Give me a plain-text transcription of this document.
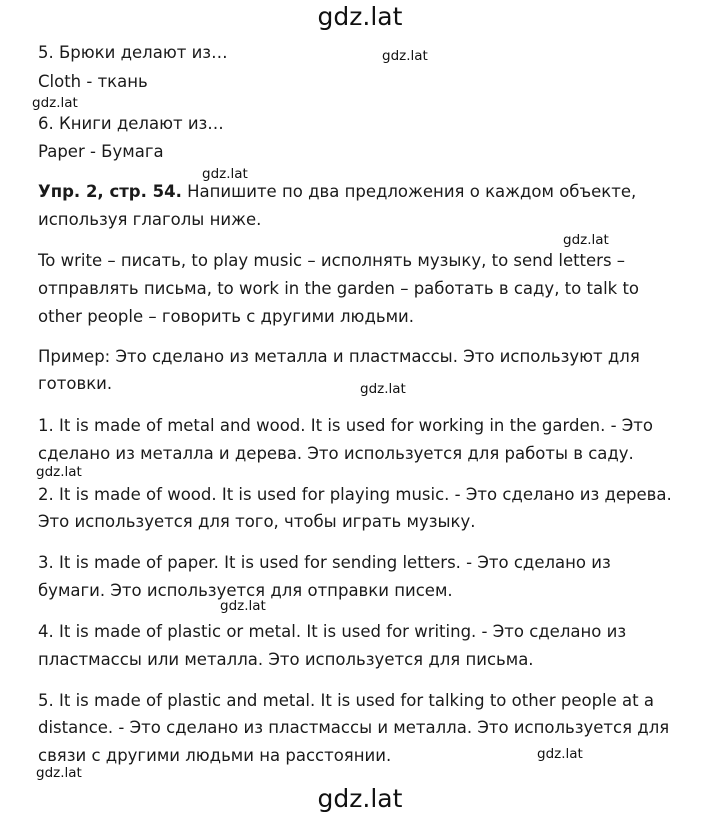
gdz.lat
5. Брюки делают из…	gdz.lat
Cloth - ткань
gdz.lat
6. Книги делают из…
Paper - Бумага
gdz.lat
Упр. 2, стр. 54. Напишите по два предложения о каждом объекте,
используя глаголы ниже.
gdz.lat
To write – писать, to play music – исполнять музыку, to send letters –
отправлять письма, to work in the garden – работать в саду, to talk to
other people – говорить с другими людьми.
Пример: Это сделано из металла и пластмассы. Это используют для
готовки.	gdz.lat
1. It is made of metal and wood. It is used for working in the garden. - Это
сделано из металла и дерева. Это используется для работы в саду.
gdz.lat
2. It is made of wood. It is used for playing music. - Это сделано из дерева.
Это используется для того, чтобы играть музыку.
3. It is made of paper. It is used for sending letters. - Это сделано из
бумаги. Это используется для отправки писем.
gdz.lat
4. It is made of plastic or metal. It is used for writing. - Это сделано из
пластмассы или металла. Это используется для письма.
5. It is made of plastic and metal. It is used for talking to other people at a
distance. - Это сделано из пластмассы и металла. Это используется для
связи с другими людьми на расстоянии.	gdz.lat
gdz.lat
gdz.lat
